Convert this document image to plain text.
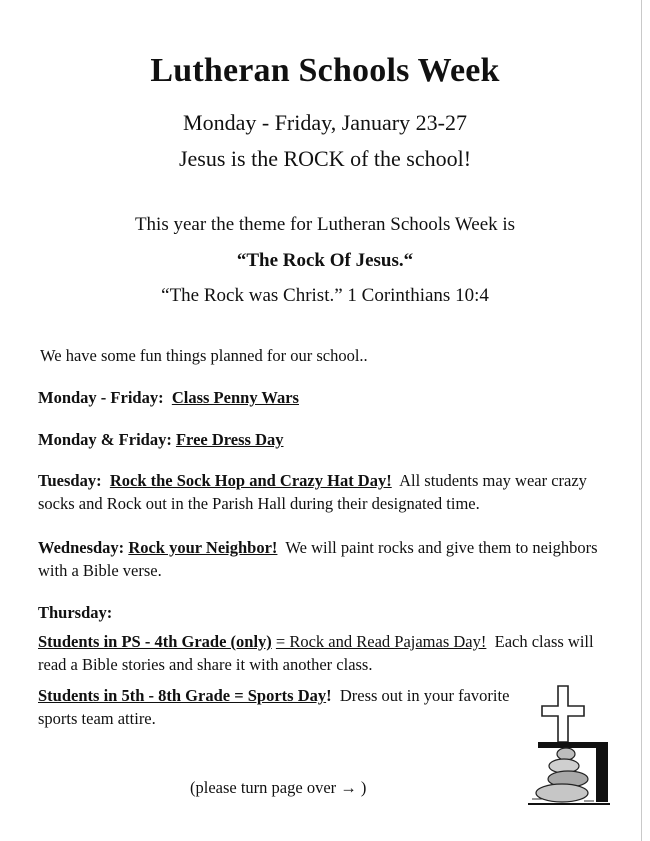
Lutheran Schools Week
Monday - Friday, January 23-27
Jesus is the ROCK of the school!
This year the theme for Lutheran Schools Week is
“The Rock Of Jesus.“
“The Rock was Christ.” 1 Corinthians 10:4
We have some fun things planned for our school..
Monday - Friday: Class Penny Wars
Monday & Friday: Free Dress Day
Tuesday: Rock the Sock Hop and Crazy Hat Day! All students may wear crazy socks and Rock out in the Parish Hall during their designated time.
Wednesday: Rock your Neighbor! We will paint rocks and give them to neighbors with a Bible verse.
Thursday:
Students in PS - 4th Grade (only) = Rock and Read Pajamas Day! Each class will read a Bible stories and share it with another class.
Students in 5th - 8th Grade = Sports Day! Dress out in your favorite sports team attire.
(please turn page over → )
